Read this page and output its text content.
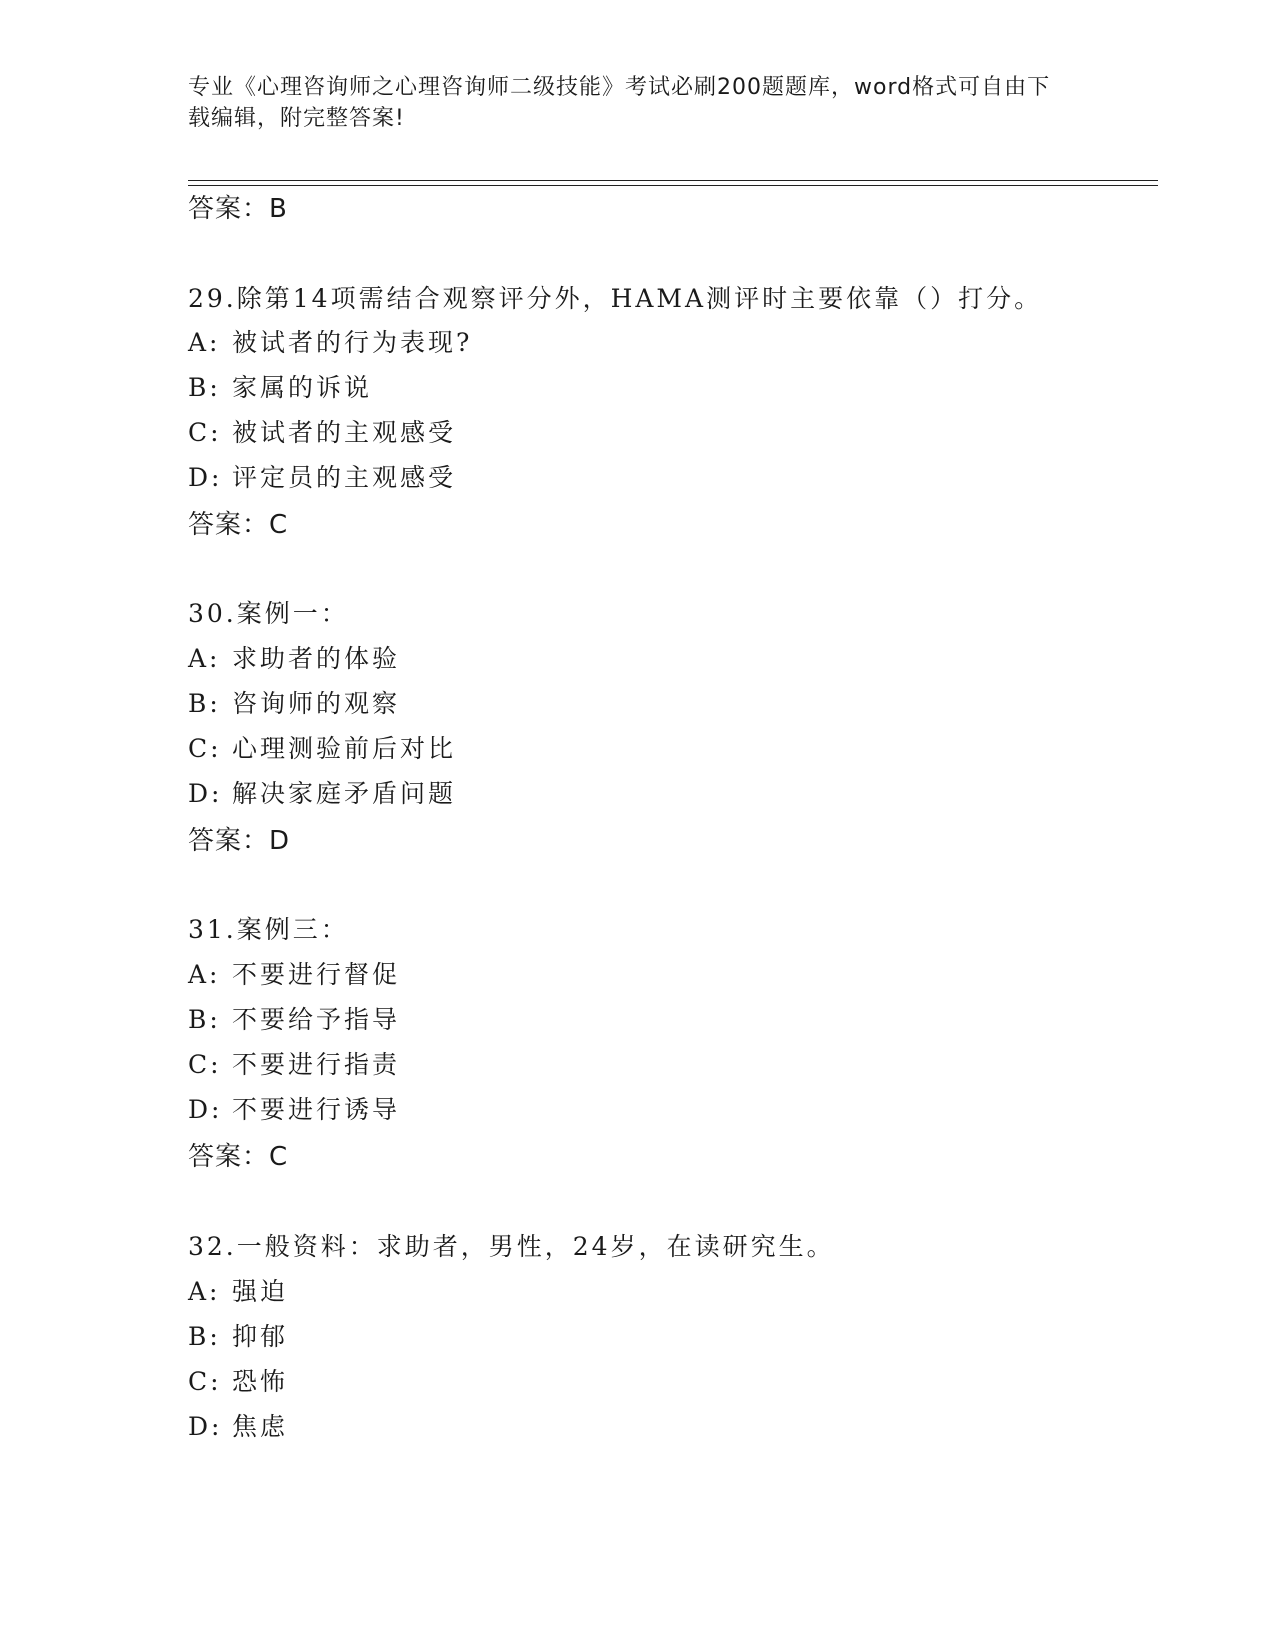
专业《心理咨询师之心理咨询师二级技能》考试必刷200题题库，word格式可自由下载编辑，附完整答案!
答案：B
29.除第14项需结合观察评分外，HAMA测评时主要依靠（）打分。
A: 被试者的行为表现?
B: 家属的诉说
C: 被试者的主观感受
D: 评定员的主观感受
答案：C
30.案例一：
A: 求助者的体验
B: 咨询师的观察
C: 心理测验前后对比
D: 解决家庭矛盾问题
答案：D
31.案例三：
A: 不要进行督促
B: 不要给予指导
C: 不要进行指责
D: 不要进行诱导
答案：C
32.一般资料：求助者，男性，24岁，在读研究生。
A: 强迫
B: 抑郁
C: 恐怖
D: 焦虑
